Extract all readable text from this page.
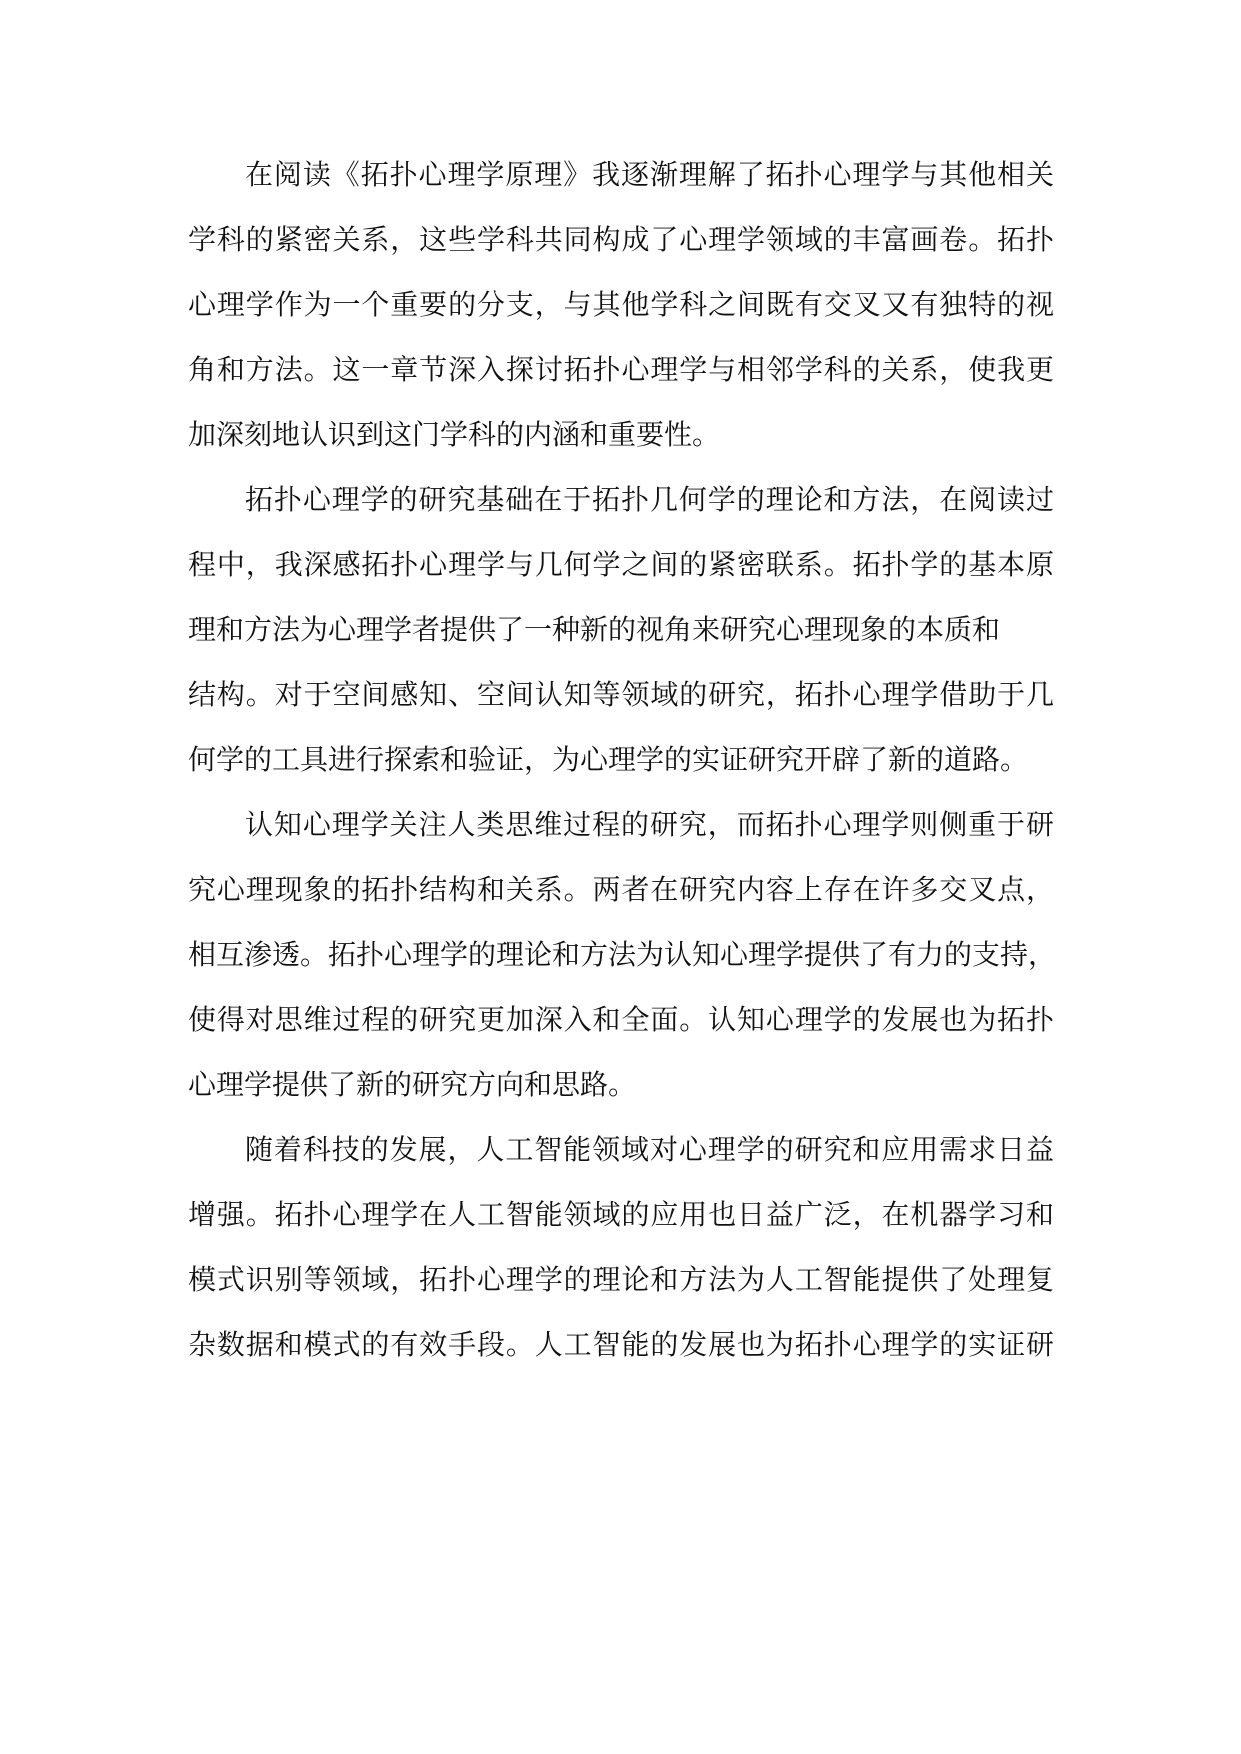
在阅读《拓扑心理学原理》我逐渐理解了拓扑心理学与其他相关
学科的紧密关系，这些学科共同构成了心理学领域的丰富画卷。拓扑
心理学作为一个重要的分支，与其他学科之间既有交叉又有独特的视
角和方法。这一章节深入探讨拓扑心理学与相邻学科的关系，使我更
加深刻地认识到这门学科的内涵和重要性。
拓扑心理学的研究基础在于拓扑几何学的理论和方法，在阅读过
程中，我深感拓扑心理学与几何学之间的紧密联系。拓扑学的基本原
理和方法为心理学者提供了一种新的视角来研究心理现象的本质和
结构。对于空间感知、空间认知等领域的研究，拓扑心理学借助于几
何学的工具进行探索和验证，为心理学的实证研究开辟了新的道路。
认知心理学关注人类思维过程的研究，而拓扑心理学则侧重于研
究心理现象的拓扑结构和关系。两者在研究内容上存在许多交叉点，
相互渗透。拓扑心理学的理论和方法为认知心理学提供了有力的支持，
使得对思维过程的研究更加深入和全面。认知心理学的发展也为拓扑
心理学提供了新的研究方向和思路。
随着科技的发展，人工智能领域对心理学的研究和应用需求日益
增强。拓扑心理学在人工智能领域的应用也日益广泛，在机器学习和
模式识别等领域，拓扑心理学的理论和方法为人工智能提供了处理复
杂数据和模式的有效手段。人工智能的发展也为拓扑心理学的实证研
